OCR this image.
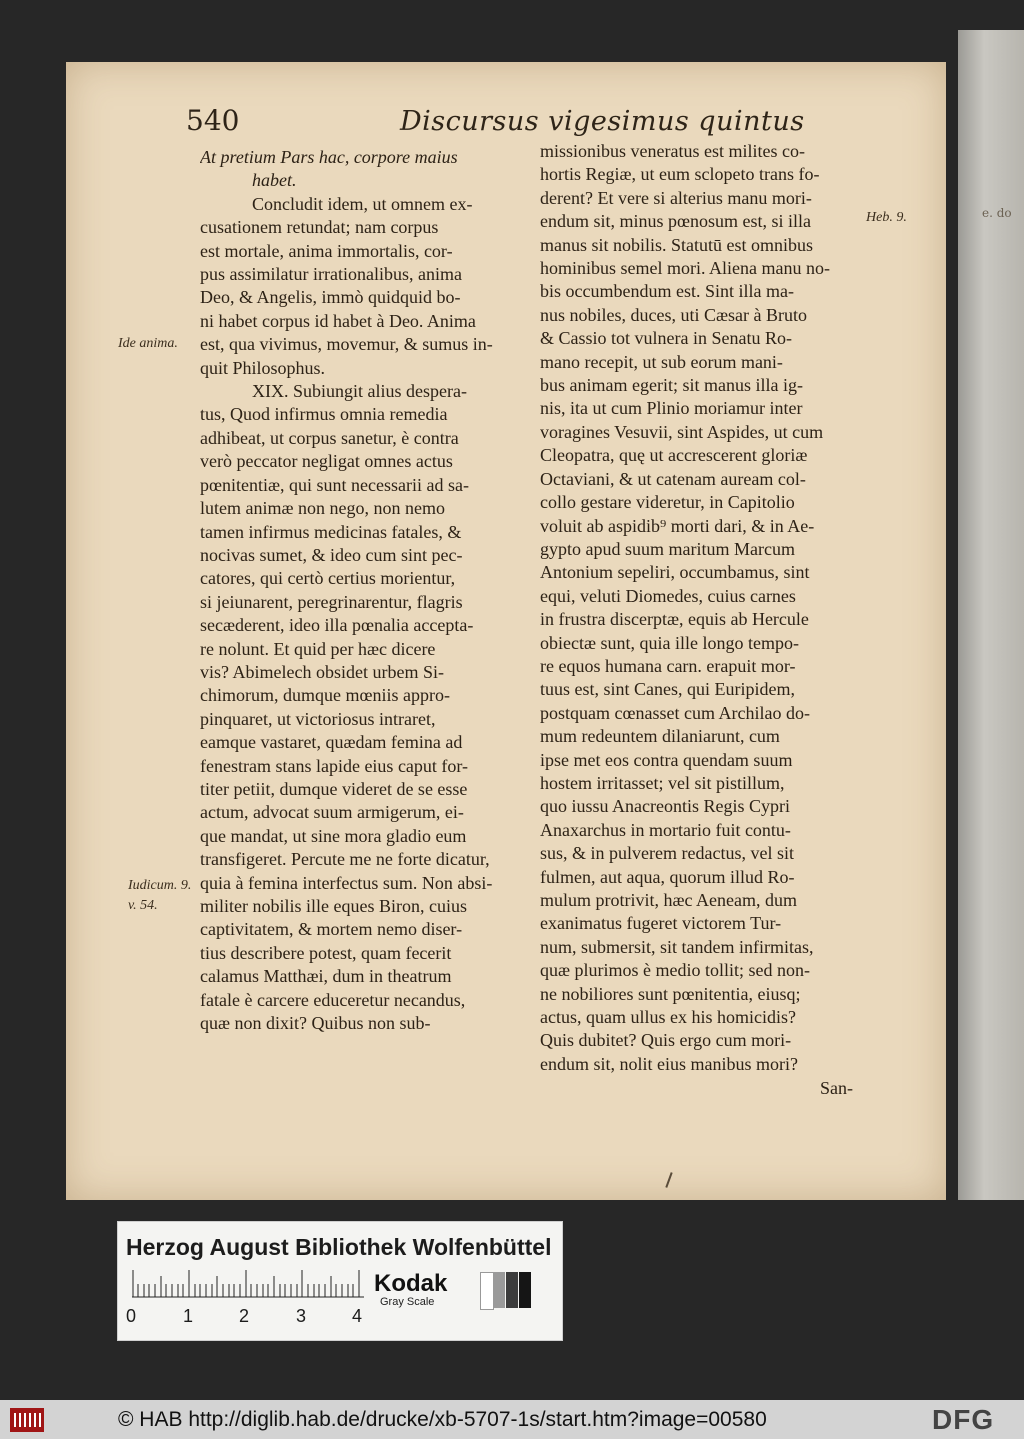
e. do
540	Discursus vigesimus quintus
Ide anima.
Heb. 9.
Iudicum. 9.
v. 54.
At pretium Pars hac, corpore maius
habet.
Concludit idem, ut omnem ex-
cusationem retundat; nam corpus
est mortale, anima immortalis, cor-
pus assimilatur irrationalibus, anima
Deo, & Angelis, immò quidquid bo-
ni habet corpus id habet à Deo. Anima
est, qua vivimus, movemur, & sumus in-
quit Philosophus.
XIX. Subiungit alius despera-
tus, Quod infirmus omnia remedia
adhibeat, ut corpus sanetur, è contra
verò peccator negligat omnes actus
pœnitentiæ, qui sunt necessarii ad sa-
lutem animæ non nego, non nemo
tamen infirmus medicinas fatales, &
nocivas sumet, & ideo cum sint pec-
catores, qui certò certius morientur,
si jeiunarent, peregrinarentur, flagris
secæderent, ideo illa pœnalia accepta-
re nolunt. Et quid per hæc dicere
vis? Abimelech obsidet urbem Si-
chimorum, dumque mœniis appro-
pinquaret, ut victoriosus intraret,
eamque vastaret, quædam femina ad
fenestram stans lapide eius caput for-
titer petiit, dumque videret de se esse
actum, advocat suum armigerum, ei-
que mandat, ut sine mora gladio eum
transfigeret. Percute me ne forte dicatur,
quia à femina interfectus sum. Non absi-
militer nobilis ille eques Biron, cuius
captivitatem, & mortem nemo diser-
tius describere potest, quam fecerit
calamus Matthæi, dum in theatrum
fatale è carcere educeretur necandus,
quæ non dixit? Quibus non sub-
missionibus veneratus est milites co-
hortis Regiæ, ut eum sclopeto trans fo-
derent? Et vere si alterius manu mori-
endum sit, minus pœnosum est, si illa
manus sit nobilis. Statutū est omnibus
hominibus semel mori. Aliena manu no-
bis occumbendum est. Sint illa ma-
nus nobiles, duces, uti Cæsar à Bruto
& Cassio tot vulnera in Senatu Ro-
mano recepit, ut sub eorum mani-
bus animam egerit; sit manus illa ig-
nis, ita ut cum Plinio moriamur inter
voragines Vesuvii, sint Aspides, ut cum
Cleopatra, quę ut accrescerent gloriæ
Octaviani, & ut catenam auream col-
collo gestare videretur, in Capitolio
voluit ab aspidib⁹ morti dari, & in Ae-
gypto apud suum maritum Marcum
Antonium sepeliri, occumbamus, sint
equi, veluti Diomedes, cuius carnes
in frustra discerptæ, equis ab Hercule
obiectæ sunt, quia ille longo tempo-
re equos humana carn. erapuit mor-
tuus est, sint Canes, qui Euripidem,
postquam cœnasset cum Archilao do-
mum redeuntem dilaniarunt, cum
ipse met eos contra quendam suum
hostem irritasset; vel sit pistillum,
quo iussu Anacreontis Regis Cypri
Anaxarchus in mortario fuit contu-
sus, & in pulverem redactus, vel sit
fulmen, aut aqua, quorum illud Ro-
mulum protrivit, hæc Aeneam, dum
exanimatus fugeret victorem Tur-
num, submersit, sit tandem infirmitas,
quæ plurimos è medio tollit; sed non-
ne nobiliores sunt pœnitentia, eiusq;
actus, quam ullus ex his homicidis?
Quis dubitet? Quis ergo cum mori-
endum sit, nolit eius manibus mori?
San-
Herzog August Bibliothek Wolfenbüttel
0	1	2	3	4
Kodak
Gray Scale
© HAB http://diglib.hab.de/drucke/xb-5707-1s/start.htm?image=00580	DFG
